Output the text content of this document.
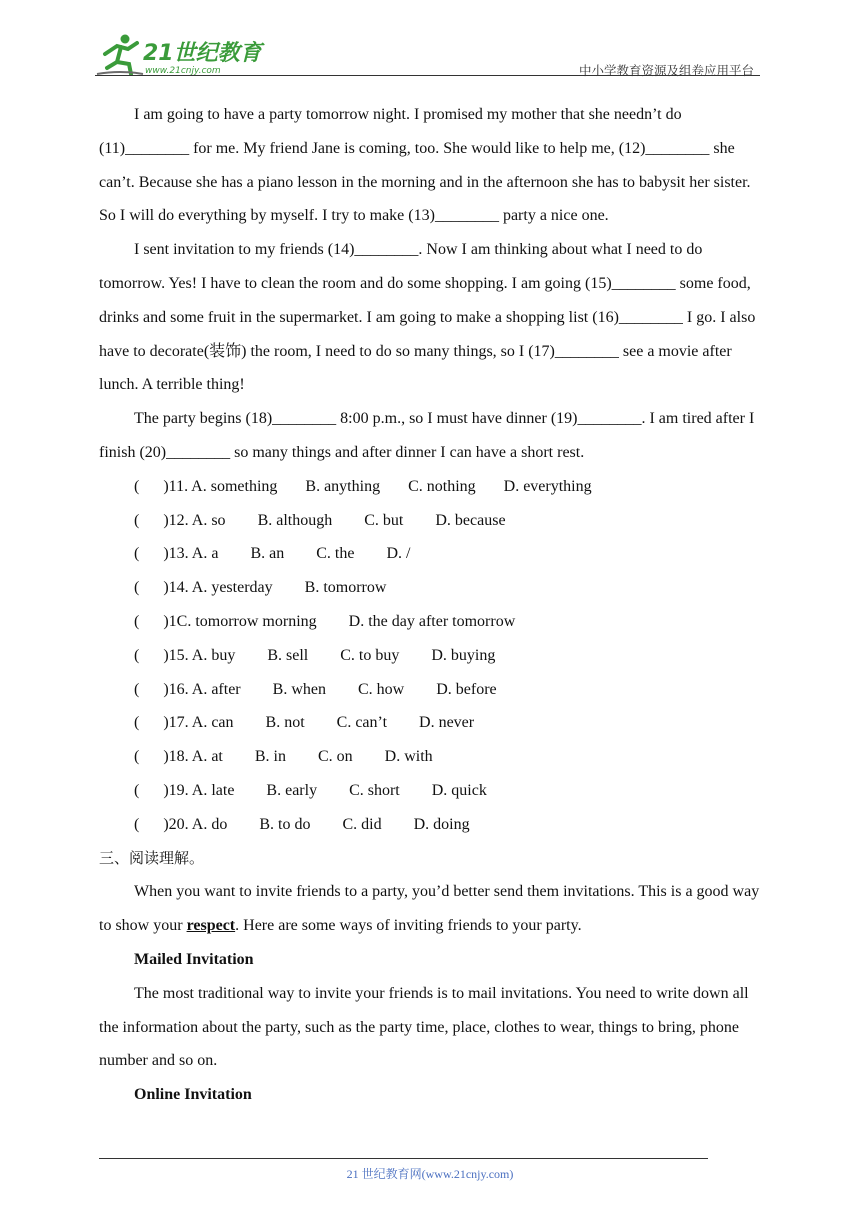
21世纪教育
www.21cnjy.com	中小学教育资源及组卷应用平台

I am going to have a party tomorrow night. I promised my mother that she needn’t do (11)________ for me. My friend Jane is coming, too. She would like to help me, (12)________ she can’t. Because she has a piano lesson in the morning and in the afternoon she has to babysit her sister. So I will do everything by myself. I try to make (13)________ party a nice one.

I sent invitation to my friends (14)________. Now I am thinking about what I need to do tomorrow. Yes! I have to clean the room and do some shopping. I am going (15)________ some food, drinks and some fruit in the supermarket. I am going to make a shopping list (16)________ I go. I also have to decorate(装饰) the room, I need to do so many things, so I (17)________ see a movie after lunch. A terrible thing!

The party begins (18)________ 8:00 p.m., so I must have dinner (19)________. I am tired after I finish (20)________ so many things and after dinner I can have a short rest.

(      )11. A. something B. anything C. nothing D. everything
(      )12. A. so B. although C. but D. because
(      )13. A. a B. an C. the D. /
(      )14. A. yesterday B. tomorrow
(      )1C. tomorrow morning D. the day after tomorrow
(      )15. A. buy B. sell C. to buy D. buying
(      )16. A. after B. when C. how D. before
(      )17. A. can B. not C. can’t D. never
(      )18. A. at B. in C. on D. with
(      )19. A. late B. early C. short D. quick
(      )20. A. do B. to do C. did D. doing

三、阅读理解。

When you want to invite friends to a party, you’d better send them invitations. This is a good way to show your respect. Here are some ways of inviting friends to your party.

Mailed Invitation

The most traditional way to invite your friends is to mail invitations. You need to write down all the information about the party, such as the party time, place, clothes to wear, things to bring, phone number and so on.

Online Invitation

21 世纪教育网(www.21cnjy.com)
